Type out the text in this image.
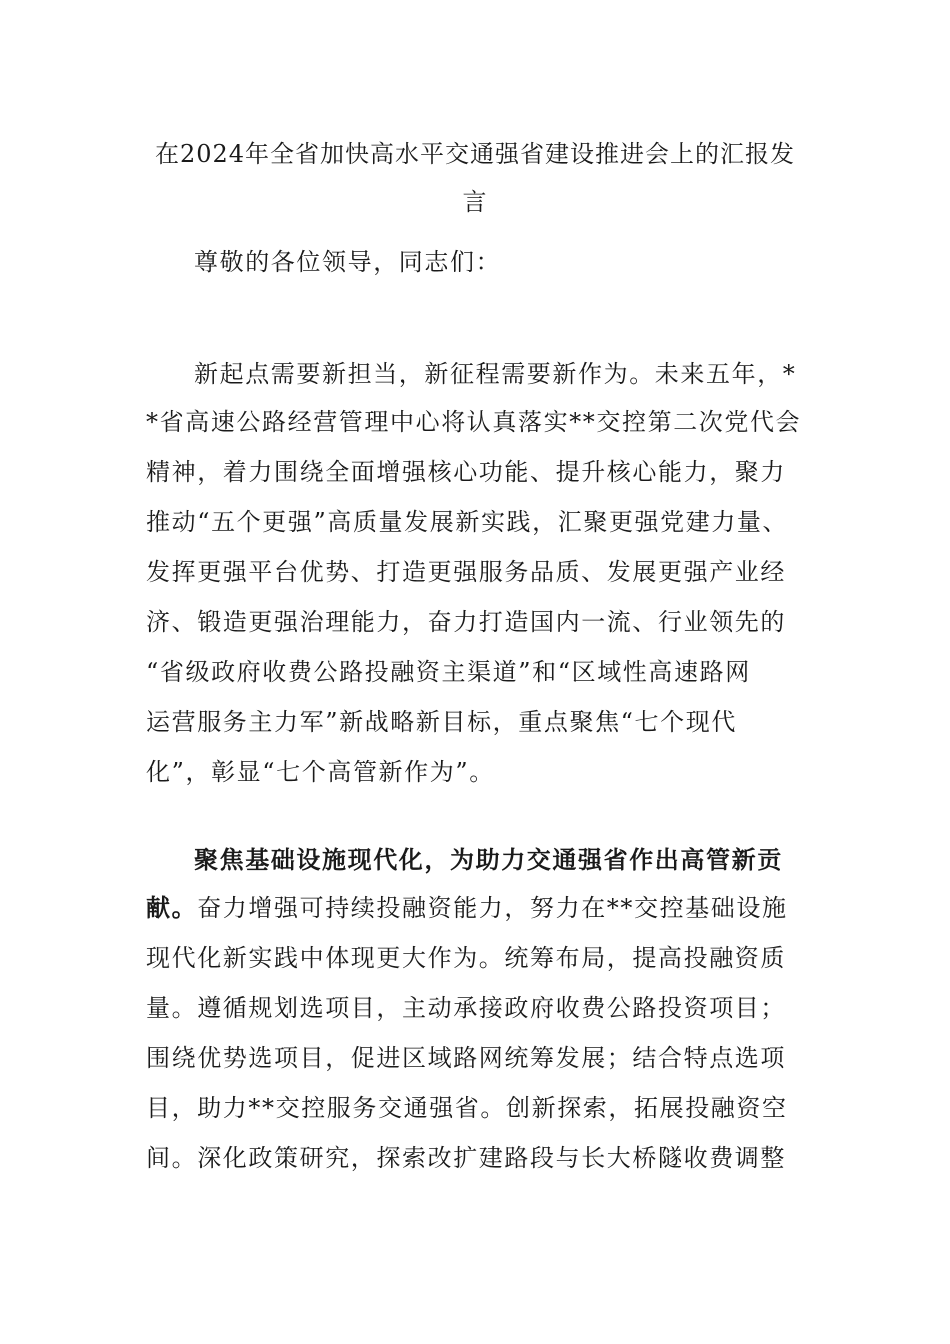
在2024年全省加快高水平交通强省建设推进会上的汇报发
言
尊敬的各位领导，同志们：
新起点需要新担当，新征程需要新作为。未来五年，*
*省高速公路经营管理中心将认真落实**交控第二次党代会
精神，着力围绕全面增强核心功能、提升核心能力，聚力
推动“五个更强”高质量发展新实践，汇聚更强党建力量、
发挥更强平台优势、打造更强服务品质、发展更强产业经
济、锻造更强治理能力，奋力打造国内一流、行业领先的
“省级政府收费公路投融资主渠道”和“区域性高速路网
运营服务主力军”新战略新目标，重点聚焦“七个现代
化”，彰显“七个高管新作为”。
聚焦基础设施现代化，为助力交通强省作出高管新贡
献。奋力增强可持续投融资能力，努力在**交控基础设施
现代化新实践中体现更大作为。统筹布局，提高投融资质
量。遵循规划选项目，主动承接政府收费公路投资项目；
围绕优势选项目，促进区域路网统筹发展；结合特点选项
目，助力**交控服务交通强省。创新探索，拓展投融资空
间。深化政策研究，探索改扩建路段与长大桥隧收费调整
